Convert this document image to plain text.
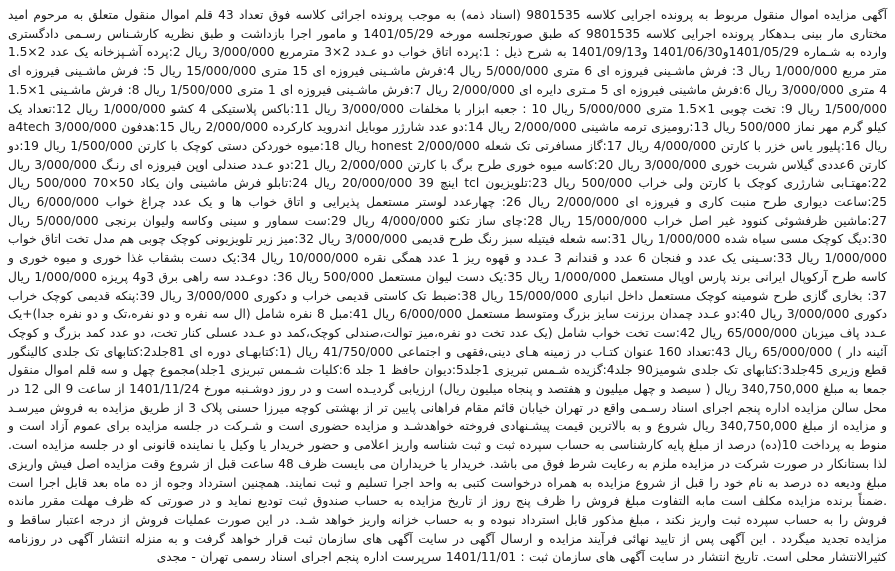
آگهی مزایده اموال منقول مربوط به پرونده اجرایی کلاسه 9801535 (اسناد ذمه) به موجب پرونده اجرائی کلاسه فوق تعداد 43 قلم اموال منقول متعلق به مرحوم امید مختاری مار بینی بـدهکار پرونده اجرایی کلاسه 9801535 که طبق صورتجلسه مورخه 1401/05/29 و مامور اجرا بازداشت و طبق نظریه کارشـناس رسـمی دادگستری وارده به شـماره 1401/05/29و1401/06/30 و1401/09/13 به شرح ذیل : 1:پرده اتاق خواب دو عـدد 2×3 مترمربع 3/000/000 ریال 2:پرده آشـپزخانه یک عدد 2×1.5 متر مربع 1/000/000 ریال 3: فرش ماشـینی فیروزه ای 6 متری 5/000/000 ریال 4:فرش ماشـینی فیروزه ای 15 متری 15/000/000 ریال 5: فرش ماشـینی فیروزه ای 4 متری 3/000/000 ریال 6:فرش ماشینی فیروزه ای 5 مـتری دایره ای 2/000/000 ریال 7:فرش ماشـینی فیروزه ای 1 متری 1/500/000 ریال 8: فرش ماشـینی 1×1.5 1/500/000 ریال 9: تخت چوبی 1×1.5 متری 5/000/000 ریال 10 : جعبه ابزار با مخلفات 3/000/000 ریال 11:باکس پلاستیکی 4 کشو 1/000/000 ریال 12:تعداد یک کیلو گرم مهر نماز 500/000 ریال 13:رومیزی ترمه ماشینی 2/000/000 ریال 14:دو عدد شارژر موبایل اندروید کارکرده 2/000/000 ریال 15:هدفون a4tech 3/000/000 ریال 16:پلیور یاس خزر با کارتن 4/000/000 ریال 17:گاز مسافرتی تک شعله honest 2/000/000 ریال 18:میوه خوردکن دستی کوچک با کارتن 1/500/000 ریال 19:دو کارتن 6عددی گیلاس شربت خوری 3/000/000 ریال 20:کاسه میوه خوری طرح برگ با کارتن 2/000/000 ریال 21:دو عـدد صندلی اوپن فیروزه ای رنـگ 3/000/000 ریال 22:مهتـابی شارژری کوچک با کارتن ولی خراب 500/000 ریال 23:تلویزیون tcl اینچ 39 20/000/000 ریال 24:تابلو فرش ماشینی وان یکاد 50×70 500/000 ریال 25:ساعت دیواری طرح منبت کاری و فیروزه ای 2/000/000 ریال 26: چهارعدد لوستر مستعمل پذیرایی و اتاق خواب ها و یک عدد چراغ خواب 6/000/000 ریال 27:ماشین ظرفشوئی کنوود غیر اصل خراب 15/000/000 ریال 28:چای ساز تکنو 4/000/000 ریال 29:ست سماور و سینی وکاسه ولیوان برنجی 5/000/000 ریال 30:دیگ کوچک مسی سیاه شده 1/000/000 ریال 31:سه شعله فیتیله سبز رنگ طرح قدیمی 3/000/000 ریال 32:میز زیر تلویزیونی کوچک چوبی هم مدل تخت اتاق خواب 1/000/000 ریال 33:سـینی یک عدد و فنجان 6 عدد و قندانم 3 عـدد و قهوه ریز 1 عدد همگی نقره 10/000/000 ریال 34:یک دست بشقاب غذا خوری و میوه خوری و کاسه طرح آرکوپال ایرانی برند پارس اوپال مستعمل 1/000/000 ریال 35:یک دست لیوان مستعمل 500/000 ریال 36: دوعـدد سه راهی برق 3و4 پریزه 1/000/000 ریال 37: بخاری گازی طرح شومینه کوچک مستعمل داخل انباری 15/000/000 ریال 38:ضبط تک کاستی قدیمی خراب و دکوری 3/000/000 ریال 39:پنکه قدیمی کوچک خراب دکوری 3/000/000 ریال 40:دو عـدد چمدان برزنت سایز بزرگ ومتوسط مستعمل 6/000/000 ریال 41:مبل 8 نفره شامل (ال سه نفره و دو نفره،تک و دو نفره جدا)+یک عـدد پاف میزبان 65/000/000 ریال 42:ست تخت خواب شامل (یک عدد تخت دو نفره،میز توالت،صندلی کوچک،کمد دو عـدد عسلی کنار تخت، دو عدد کمد بزرگ و کوچک آئینه دار ) 65/000/000 ریال 43:تعداد 160 عنوان کتـاب در زمینه هـای دینی،فقهی و اجتماعی 41/750/000 ریال (1:کتابهـای دوره ای 81جلد2:کتابهای تک جلدی کالینگور قطع وزیری 45جلد3:کتابهای تک جلدی شومیز90 جلد4:گزیده شـمس تبریزی 1جلد5:دیوان حافظ 1 جلد 6:کلیات شـمس تبریزی 1جلد)مجموع چهل و سه قلم اموال منقول جمعا به مبلغ 340,750,000 ریال ( سیصد و چهل میلیون و هفتصد و پنجاه میلیون ریال) ارزیابی گردیـده است و در روز دوشـنبه مورخ 1401/11/24 از ساعت 9 الی 12 در محل سالن مزایده اداره پنجم اجرای اسناد رسـمی واقع در تهران خیابان قائم مقام فراهانی پایین تر از بهشتی کوچه میرزا حسنی پلاک 3 از طریق مزایده به فروش میرسـد و مزایده از مبلغ 340,750,000 ریال شروع و به بالاترین قیمت پیشـنهادی فروخته خواهدشـد و مزایده حضوری است و شـرکت در جلسه مزایده برای عموم آزاد است و منوط به پرداخت 10(ده) درصد از مبلغ پایه کارشناسی به حساب سپرده ثبت و ثبت شناسه واریز اعلامی و حضور خریدار یا وکیل یا نماینده قانونی او در جلسه مزایده است. لذا بستانکار در صورت شرکت در مزایده ملزم به رعایت شرط فوق می باشد. خریدار یا خریداران می بایست ظرف 48 ساعت قبل از شروع وقت مزایده اصل فیش واریزی مبلغ ودیعه ده درصد به نام خود را قبل از شروع مزایده به همراه درخواست کتبی به واحد اجرا تسلیم و ثبت نمایند. همچنین استرداد وجوه از ده ماه بعد قابل اجرا است .ضمناً برنده مزایده مکلف است مابه التفاوت مبلغ فروش را ظرف پنج روز از تاریخ مزایده به حساب صندوق ثبت تودیع نماید و در صورتی که ظرف مهلت مقرر مانده فروش را به حساب سپرده ثبت واریز نکند ، مبلغ مذکور قابل استرداد نبوده و به حساب خزانه واریز خواهد شـد. در این صورت عملیات فروش از درجه اعتبار ساقط و مزایده تجدید میگردد . این آگهی پس از تایید نهائی فرآیند مزایده و ارسال آگهی در سایت آگهی های سازمان ثبت قرار خواهد گرفت و به منزله انتشار آگهی در روزنامه کثیرالانتشار محلی است. تاریخ انتشار در سایت آگهی های سازمان ثبت : 1401/11/01 سرپرست اداره پنجم اجرای اسناد رسمی تهران - مجدی
